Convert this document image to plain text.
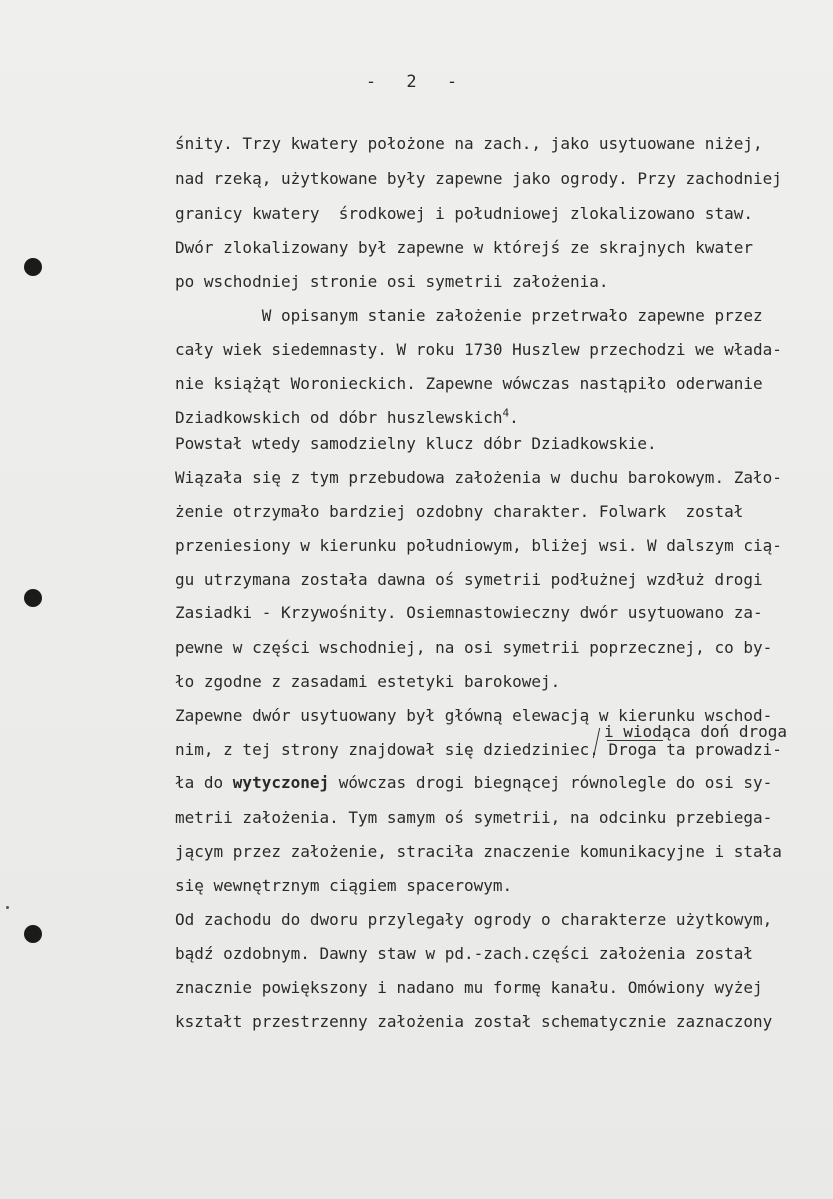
- 2 -
śnity. Trzy kwatery położone na zach., jako usytuowane niżej,
nad rzeką, użytkowane były zapewne jako ogrody. Przy zachodniej
granicy kwatery  środkowej i południowej zlokalizowano staw.
Dwór zlokalizowany był zapewne w którejś ze skrajnych kwater
po wschodniej stronie osi symetrii założenia.
W opisanym stanie założenie przetrwało zapewne przez
cały wiek siedemnasty. W roku 1730 Huszlew przechodzi we włada-
nie książąt Woronieckich. Zapewne wówczas nastąpiło oderwanie
Dziadkowskich od dóbr huszlewskich$^4$.
Powstał wtedy samodzielny klucz dóbr Dziadkowskie.
Wiązała się z tym przebudowa założenia w duchu barokowym. Zało-
żenie otrzymało bardziej ozdobny charakter. Folwark  został
przeniesiony w kierunku południowym, bliżej wsi. W dalszym cią-
gu utrzymana została dawna oś symetrii podłużnej wzdłuż drogi
Zasiadki - Krzywośnity. Osiemnastowieczny dwór usytuowano za-
pewne w części wschodniej, na osi symetrii poprzecznej, co by-
ło zgodne z zasadami estetyki barokowej.
Zapewne dwór usytuowany był główną elewacją w kierunku wschod-
i wiodąca doń droga
nim, z tej strony znajdował się dziedziniec. Droga ta prowadzi-
ła do wytyczonej wówczas drogi biegnącej równolegle do osi sy-
metrii założenia. Tym samym oś symetrii, na odcinku przebiega-
jącym przez założenie, straciła znaczenie komunikacyjne i stała
się wewnętrznym ciągiem spacerowym.
Od zachodu do dworu przylegały ogrody o charakterze użytkowym,
bądź ozdobnym. Dawny staw w pd.-zach.części założenia został
znacznie powiększony i nadano mu formę kanału. Omówiony wyżej
kształt przestrzenny założenia został schematycznie zaznaczony
